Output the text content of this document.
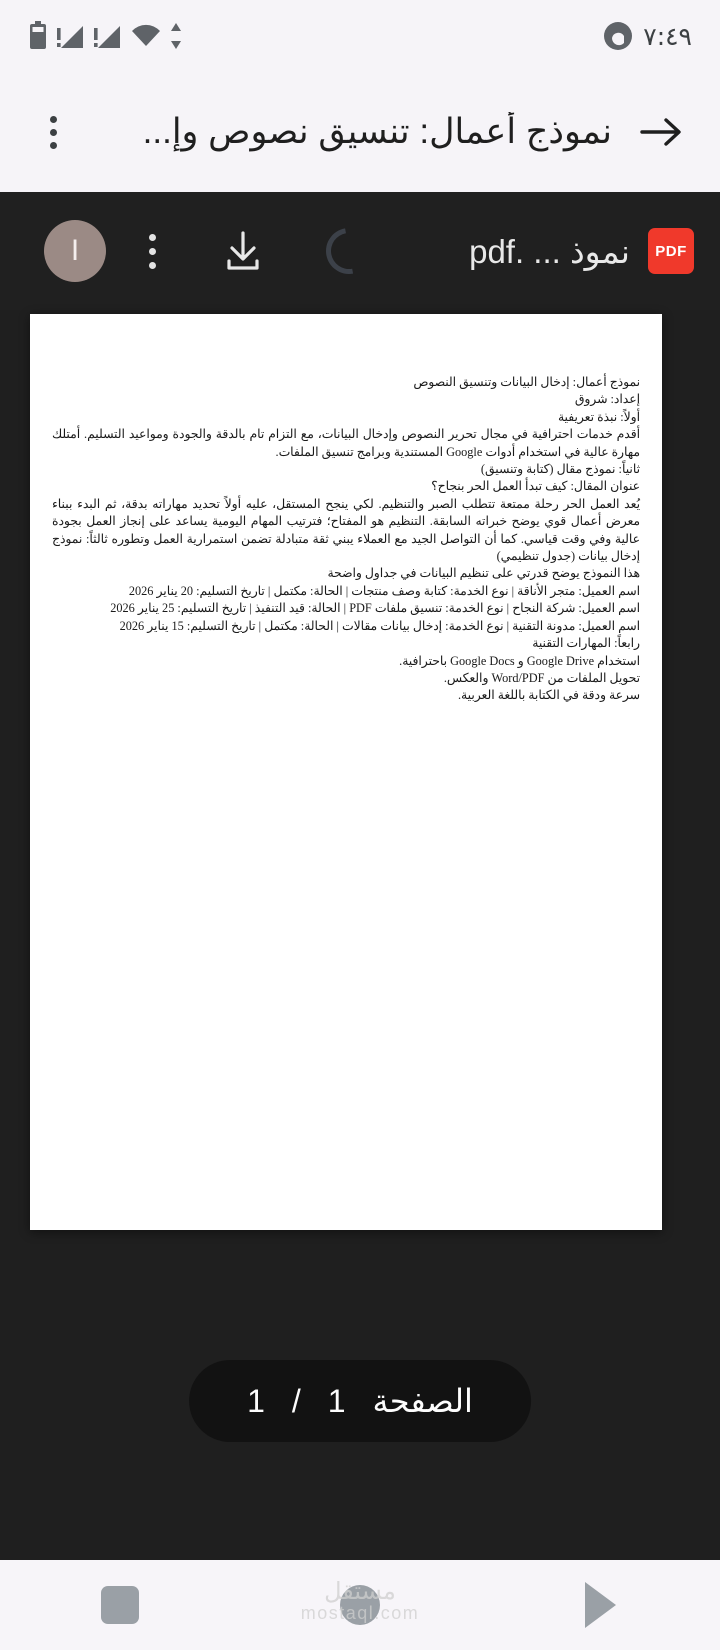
٧:٤٩
نموذج أعمال: تنسيق نصوص وإ...
I	نموذ ... .pdf	PDF

نموذج أعمال: إدخال البيانات وتنسيق النصوص

إعداد: شروق

أولاً: نبذة تعريفية

أقدم خدمات احترافية في مجال تحرير النصوص وإدخال البيانات، مع التزام تام بالدقة والجودة ومواعيد التسليم. أمتلك مهارة عالية في استخدام أدوات Google المستندية وبرامج تنسيق الملفات.

ثانياً: نموذج مقال (كتابة وتنسيق)

عنوان المقال: كيف تبدأ العمل الحر بنجاح؟

يُعد العمل الحر رحلة ممتعة تتطلب الصبر والتنظيم. لكي ينجح المستقل، عليه أولاً تحديد مهاراته بدقة، ثم البدء ببناء معرض أعمال قوي يوضح خبراته السابقة. التنظيم هو المفتاح؛ فترتيب المهام اليومية يساعد على إنجاز العمل بجودة عالية وفي وقت قياسي. كما أن التواصل الجيد مع العملاء يبني ثقة متبادلة تضمن استمرارية العمل وتطوره ثالثاً: نموذج إدخال بيانات (جدول تنظيمي)

هذا النموذج يوضح قدرتي على تنظيم البيانات في جداول واضحة

اسم العميل: متجر الأناقة | نوع الخدمة: كتابة وصف منتجات | الحالة: مكتمل | تاريخ التسليم: 20 يناير 2026

اسم العميل: شركة النجاح | نوع الخدمة: تنسيق ملفات PDF | الحالة: قيد التنفيذ | تاريخ التسليم: 25 يناير 2026

اسم العميل: مدونة التقنية | نوع الخدمة: إدخال بيانات مقالات | الحالة: مكتمل | تاريخ التسليم: 15 يناير 2026

رابعاً: المهارات التقنية

استخدام Google Drive و Google Docs باحترافية.

تحويل الملفات من Word/PDF والعكس.

سرعة ودقة في الكتابة باللغة العربية.

الصفحة
1
/
1
مستقل
mostaql.com
